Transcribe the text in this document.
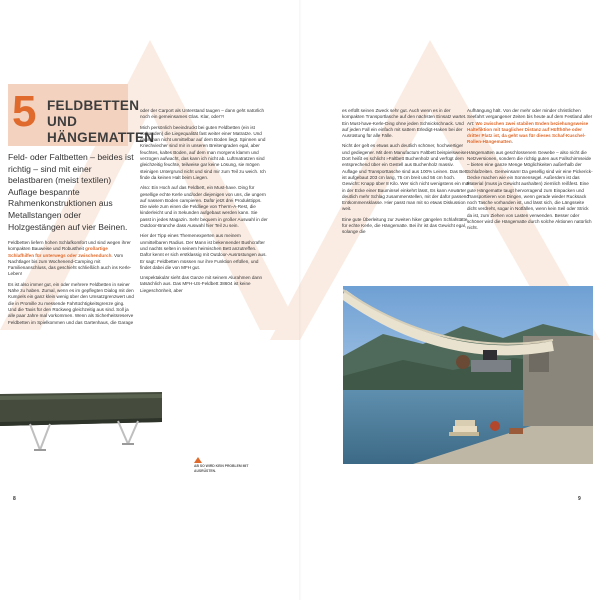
5 FELDBETTEN UND
HÄNGEMATTEN
Feld- oder Faltbetten – beides ist richtig – sind mit einer belastbaren (meist textilen) Auflage bespannte Rahmenkonstruktionen aus Metallstangen oder Holzgestängen auf vier Beinen.

Feldbetten liefern hohen Schlafkomfort und sind wegen ihrer kompakten Bauweise und Robustheit großartige Schlafhilfen für unterwegs oder zwischendurch. Vom Nachtlager bis zum Wochenend-Camping mit Familienanschluss, das geschieht schließlich auch ins Kerle-Leben!

Es ist also immer gut, ein oder mehrere Feldbetten in seiner Nähe zu haben. Zumal, wenn es im gepflegten Dialog mit den Kumpels ein ganz klein wenig über den Umsatzgrenzwert und die in Promille zu messende Fahrtüchtigkeitsgrenze ging. Und die Taxis für den Rückweg gleichzeitig aus sind. Soll ja alle paar Jahre mal vorkommen. Wenn als Sicherheitsreserve Feldbetten im Spielkommen und das Gartenhaus, die Garage

oder der Carport als Unterstand taugen – dann geht natürlich noch ein gemeinsames Glas. Klar, oder?!

Mich persönlich beeindruckt bei guten Feldbetten (ein ist vorhanden) die Liegequalität fast weiter einer Matratze. Und dass man nicht unmittelbar auf dem Boden liegt. Spinnen und Kriechviecher sind mir in unseren Breitengraden egal, aber feuchtes, kaltes Boden, auf dem man morgens klamm und verzogen aufwacht, das kann ich nicht ab. Luftmatratzen sind gleichzeitig feuchte, teilweise gar keine Lösung, sie mögen steinigen Untergrund nicht und sind mir zum Teil zu weich. Ich finde da keinen Halt beim Liegen.

Also: Ein Hoch auf das Feldbett, ein Must-have. Ding für gesellige echte Kerle und/oder diejenigen von uns, die ungern auf nassem Boden campieren. Dafür jetzt drei Produkttipps. Die wiele zum einen die Feldliege von Therm-A-Rest, die kinderleicht und in Sekunden aufgebaut werden kann. Sie passt in jedes Magazin. Sehr bequem in großer Auswahl in der Outdoor-Branche dass Auswahl hier Teil zu sein.

Hier der Tipp eines Themenexperten aus meinem unmittelbaren Radius. Der Mann ist bekennender Bushcrafter und nachts selten in seinem heimischen Bett anzutreffen. Dafür kennt er sich erstklassig mit Outdoor-Ausrüstungen aus. Er sagt: Feldbetten müssen nur ihre Funktion erfüllen, und findet dabei die von MFH gut.

Unspektakulär sieht das Ganze mit seinem Alurahmen dann tatsächlich aus. Das MFH-US-Feldbett 38604 ist keine Liegeschönheit, aber

es erfüllt seinen Zweck sehr gut. Auch wenn es in der kompakten Transportlasche auf den nächsten Einsatz wartet. Ein Must-have-Kerle-Ding ohne jeden Schnickschnack. Und auf jeden Fall ein einfach mit sattem Erledigt-Haken bei der Ausrüstung für alle Fälle.

Nicht der gelt es etwas auch deutlich schöner, hochwertiger und gediegener. Mit dem Manufactum Faltbett beispielsweise. Dort heißt es schlicht »Faltbett Buchenholz und verfügt dem entsprechend über ein Gestell aus Buchenholz massiv. Auflage und Transporttasche sind aus 100% Leinen. Das Bett ist aufgebaut 203 cm lang, 75 cm breit und 56 cm hoch. Gewicht: Knapp über 8 Kilo. Wer sich nicht wenigstens ein mal in der Ecke einer Bauminsel einkehrt lässt, Es kann Anwärter deutlich mehr Schlag zusammenstellen, mit der dafür passend Entkommensklasse. Hier passt man mit so etwas Diskussion weit.

Eine gute Überleitung zur zweiten hiker gängelen Schlafstätte für echte Kerle, die Hängematte. Bei ihr ist das Gewicht egal, solange die

Aufhängung hält. Von der mehr oder minder christlichen Seefahrt vergangener Zeiten bis heute auf dem Festland aller Art: Wo zwischen zwei stabilen Enden beziehungsweise Haltefiktion mit tauglicher Distanz auf Hüfthöhe oder dritter Platz ist, da geht was für dieses Schaf-Kuschel-Rollen-Hängematten.

Hängematten aus geschlossenem Gewebe – also nicht die Netzversionen, sondern die richtig guten aus Fallschirmseide – bieten eine ganze Menge Möglichkeiten außerhalb der Schlafzeiten. Gemeinsam! Da gesellig sind wir eine Pickerick-Decke machen wie ein Sonnensegel. Außerdem ist das Material (muss ja Gewicht aushalten) ziemlich reißfest. Eine gute Hängematte taugt hervorragend zum Einpacken und Transportieren von Dingen, wenn gerade wieder Rucksack noch Tasche vorhanden ist, und lässt sich, die Längsseite dicht verdreht, sogar in Notfällen, wenn kein Seil oder Strick da ist, zum Ziehen von Lasten verwenden. Besser oder schöner wird die Hängematte durch solche Aktionen natürlich nicht.

AB SO WIRD KEIN PROBLEM MIT AUSRÜSTEN.
8	9
